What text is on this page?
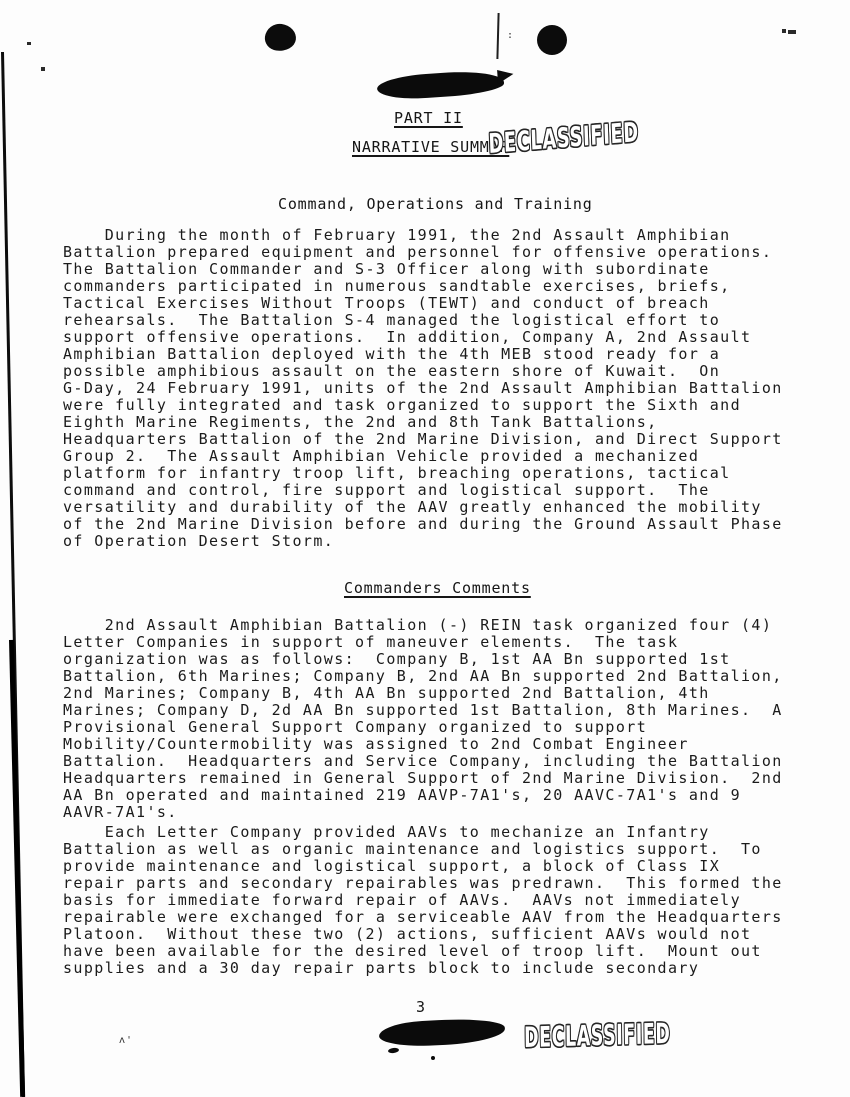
:
PART II
NARRATIVE SUMMAR
DECLASSIFIED
Command, Operations and Training
During the month of February 1991, the 2nd Assault Amphibian
Battalion prepared equipment and personnel for offensive operations.
The Battalion Commander and S-3 Officer along with subordinate
commanders participated in numerous sandtable exercises, briefs,
Tactical Exercises Without Troops (TEWT) and conduct of breach
rehearsals.  The Battalion S-4 managed the logistical effort to
support offensive operations.  In addition, Company A, 2nd Assault
Amphibian Battalion deployed with the 4th MEB stood ready for a
possible amphibious assault on the eastern shore of Kuwait.  On
G-Day, 24 February 1991, units of the 2nd Assault Amphibian Battalion
were fully integrated and task organized to support the Sixth and
Eighth Marine Regiments, the 2nd and 8th Tank Battalions,
Headquarters Battalion of the 2nd Marine Division, and Direct Support
Group 2.  The Assault Amphibian Vehicle provided a mechanized
platform for infantry troop lift, breaching operations, tactical
command and control, fire support and logistical support.  The
versatility and durability of the AAV greatly enhanced the mobility
of the 2nd Marine Division before and during the Ground Assault Phase
of Operation Desert Storm.
Commanders Comments
2nd Assault Amphibian Battalion (-) REIN task organized four (4)
Letter Companies in support of maneuver elements.  The task
organization was as follows:  Company B, 1st AA Bn supported 1st
Battalion, 6th Marines; Company B, 2nd AA Bn supported 2nd Battalion,
2nd Marines; Company B, 4th AA Bn supported 2nd Battalion, 4th
Marines; Company D, 2d AA Bn supported 1st Battalion, 8th Marines.  A
Provisional General Support Company organized to support
Mobility/Countermobility was assigned to 2nd Combat Engineer
Battalion.  Headquarters and Service Company, including the Battalion
Headquarters remained in General Support of 2nd Marine Division.  2nd
AA Bn operated and maintained 219 AAVP-7A1's, 20 AAVC-7A1's and 9
AAVR-7A1's.
Each Letter Company provided AAVs to mechanize an Infantry
Battalion as well as organic maintenance and logistics support.  To
provide maintenance and logistical support, a block of Class IX
repair parts and secondary repairables was predrawn.  This formed the
basis for immediate forward repair of AAVs.  AAVs not immediately
repairable were exchanged for a serviceable AAV from the Headquarters
Platoon.  Without these two (2) actions, sufficient AAVs would not
have been available for the desired level of troop lift.  Mount out
supplies and a 30 day repair parts block to include secondary
3
DECLASSIFIED
ʌ'
